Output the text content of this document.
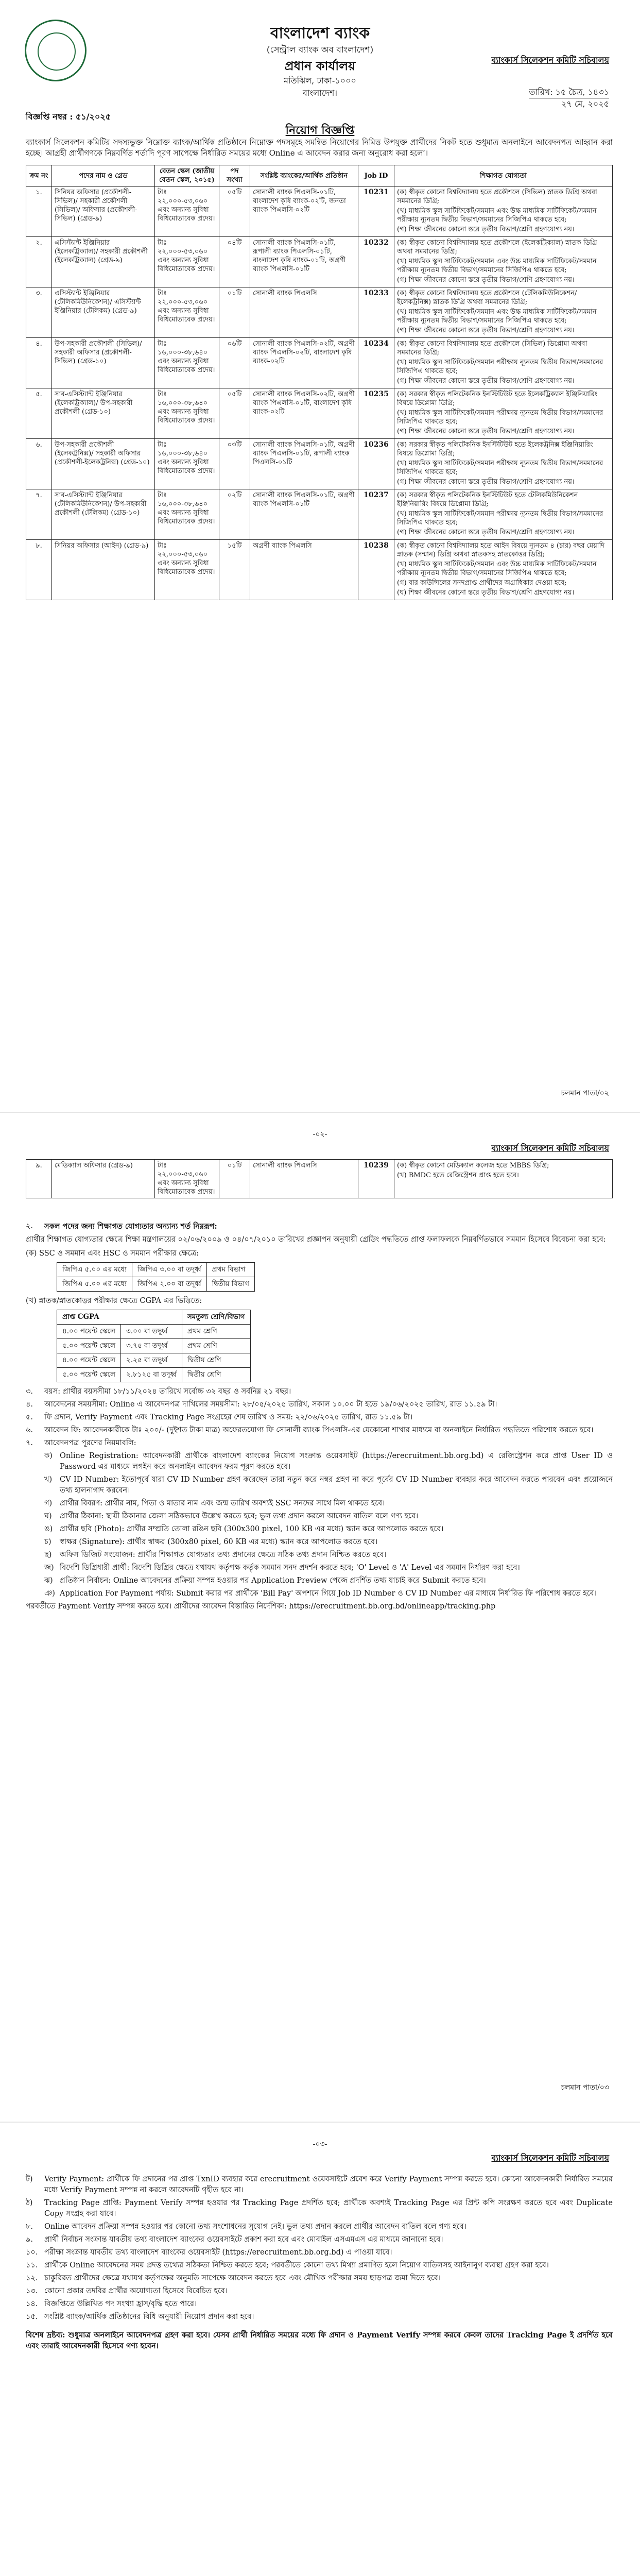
বাংলাদেশ ব্যাংক
(সেন্ট্রাল ব্যাংক অব বাংলাদেশ)
প্রধান কার্যালয়
মতিঝিল, ঢাকা-১০০০
বাংলাদেশ।
ব্যাংকার্স সিলেকশন কমিটি সচিবালয়
তারিখ: ১৫ চৈত্র, ১৪৩১
২৭ মে, ২০২৫
বিজ্ঞপ্তি নম্বর : ৫১/২০২৫
নিয়োগ বিজ্ঞপ্তি
ব্যাংকার্স সিলেকশন কমিটির সদস্যভুক্ত নিম্নোক্ত ব্যাংক/আর্থিক প্রতিষ্ঠানে নিম্নোক্ত পদসমূহে সমন্বিত নিয়োগের নিমিত্ত উপযুক্ত প্রার্থীদের নিকট হতে শুধুমাত্র অনলাইনে আবেদনপত্র আহ্বান করা হচ্ছে। আগ্রহী প্রার্থীগণকে নিম্নবর্ণিত শর্তাদি পূরণ সাপেক্ষে নির্ধারিত সময়ের মধ্যে Online এ আবেদন করার জন্য অনুরোধ করা হলো।
ক্রম নং	পদের নাম ও গ্রেড	বেতন স্কেল (জাতীয় বেতন স্কেল, ২০১৫)	পদ সংখ্যা	সংশ্লিষ্ট ব্যাংকের/আর্থিক প্রতিষ্ঠান	Job ID	শিক্ষাগত যোগ্যতা
১.	সিনিয়র অফিসার (প্রকৌশলী-সিভিল)/ সহকারী প্রকৌশলী (সিভিল)/ অফিসার (প্রকৌশলী-সিভিল) (গ্রেড-৯)	টাঃ ২২,০০০-৫৩,০৬০ এবং অন্যান্য সুবিধা বিধিমোতাবেক প্রদেয়।	০৫টি	সোনালী ব্যাংক পিএলসি-০১টি, বাংলাদেশ কৃষি ব্যাংক-০২টি, জনতা ব্যাংক পিএলসি-০২টি	10231	(ক) স্বীকৃত কোনো বিশ্ববিদ্যালয় হতে প্রকৌশলে (সিভিল) স্নাতক ডিগ্রি অথবা সমমানের ডিগ্রি;
(খ) মাধ্যমিক স্কুল সার্টিফিকেট/সমমান এবং উচ্চ মাধ্যমিক সার্টিফিকেট/সমমান পরীক্ষায় ন্যূনতম দ্বিতীয় বিভাগ/সমমানের সিজিপিএ থাকতে হবে;
(গ) শিক্ষা জীবনের কোনো স্তরে তৃতীয় বিভাগ/শ্রেণি গ্রহণযোগ্য নয়।

২.	এসিস্ট্যান্ট ইঞ্জিনিয়ার (ইলেকট্রিক্যাল)/ সহকারী প্রকৌশলী (ইলেকট্রিক্যাল) (গ্রেড-৯)	টাঃ ২২,০০০-৫৩,০৬০ এবং অন্যান্য সুবিধা বিধিমোতাবেক প্রদেয়।	০৪টি	সোনালী ব্যাংক পিএলসি-০১টি, রূপালী ব্যাংক পিএলসি-০১টি, বাংলাদেশ কৃষি ব্যাংক-০১টি, অগ্রণী ব্যাংক পিএলসি-০১টি	10232	(ক) স্বীকৃত কোনো বিশ্ববিদ্যালয় হতে প্রকৌশলে (ইলেকট্রিক্যাল) স্নাতক ডিগ্রি অথবা সমমানের ডিগ্রি;
(খ) মাধ্যমিক স্কুল সার্টিফিকেট/সমমান এবং উচ্চ মাধ্যমিক সার্টিফিকেট/সমমান পরীক্ষায় ন্যূনতম দ্বিতীয় বিভাগ/সমমানের সিজিপিএ থাকতে হবে;
(গ) শিক্ষা জীবনের কোনো স্তরে তৃতীয় বিভাগ/শ্রেণি গ্রহণযোগ্য নয়।

৩.	এসিস্ট্যান্ট ইঞ্জিনিয়ার (টেলিকমিউনিকেশন)/ এসিস্ট্যান্ট ইঞ্জিনিয়ার (টেলিকম) (গ্রেড-৯)	টাঃ ২২,০০০-৫৩,০৬০ এবং অন্যান্য সুবিধা বিধিমোতাবেক প্রদেয়।	০১টি	সোনালী ব্যাংক পিএলসি	10233	(ক) স্বীকৃত কোনো বিশ্ববিদ্যালয় হতে প্রকৌশলে (টেলিকমিউনিকেশন/ইলেকট্রনিক্স) স্নাতক ডিগ্রি অথবা সমমানের ডিগ্রি;
(খ) মাধ্যমিক স্কুল সার্টিফিকেট/সমমান এবং উচ্চ মাধ্যমিক সার্টিফিকেট/সমমান পরীক্ষায় ন্যূনতম দ্বিতীয় বিভাগ/সমমানের সিজিপিএ থাকতে হবে;
(গ) শিক্ষা জীবনের কোনো স্তরে তৃতীয় বিভাগ/শ্রেণি গ্রহণযোগ্য নয়।

৪.	উপ-সহকারী প্রকৌশলী (সিভিল)/ সহকারী অফিসার (প্রকৌশলী-সিভিল) (গ্রেড-১০)	টাঃ ১৬,০০০-৩৮,৬৪০ এবং অন্যান্য সুবিধা বিধিমোতাবেক প্রদেয়।	০৬টি	সোনালী ব্যাংক পিএলসি-০২টি, অগ্রণী ব্যাংক পিএলসি-০২টি, বাংলাদেশ কৃষি ব্যাংক-০২টি	10234	(ক) স্বীকৃত কোনো বিশ্ববিদ্যালয় হতে প্রকৌশলে (সিভিল) ডিপ্লোমা অথবা সমমানের ডিগ্রি;
(খ) মাধ্যমিক স্কুল সার্টিফিকেট/সমমান পরীক্ষায় ন্যূনতম দ্বিতীয় বিভাগ/সমমানের সিজিপিএ থাকতে হবে;
(গ) শিক্ষা জীবনের কোনো স্তরে তৃতীয় বিভাগ/শ্রেণি গ্রহণযোগ্য নয়।

৫.	সাব-এসিস্ট্যান্ট ইঞ্জিনিয়ার (ইলেকট্রিক্যাল)/ উপ-সহকারী প্রকৌশলী (গ্রেড-১০)	টাঃ ১৬,০০০-৩৮,৬৪০ এবং অন্যান্য সুবিধা বিধিমোতাবেক প্রদেয়।	০৫টি	সোনালী ব্যাংক পিএলসি-০২টি, অগ্রণী ব্যাংক পিএলসি-০১টি, বাংলাদেশ কৃষি ব্যাংক-০২টি	10235	(ক) সরকার স্বীকৃত পলিটেকনিক ইনস্টিটিউট হতে ইলেকট্রিক্যাল ইঞ্জিনিয়ারিং বিষয়ে ডিপ্লোমা ডিগ্রি;
(খ) মাধ্যমিক স্কুল সার্টিফিকেট/সমমান পরীক্ষায় ন্যূনতম দ্বিতীয় বিভাগ/সমমানের সিজিপিএ থাকতে হবে;
(গ) শিক্ষা জীবনের কোনো স্তরে তৃতীয় বিভাগ/শ্রেণি গ্রহণযোগ্য নয়।

৬.	উপ-সহকারী প্রকৌশলী (ইলেকট্রনিক্স)/ সহকারী অফিসার (প্রকৌশলী-ইলেকট্রনিক্স) (গ্রেড-১০)	টাঃ ১৬,০০০-৩৮,৬৪০ এবং অন্যান্য সুবিধা বিধিমোতাবেক প্রদেয়।	০৩টি	সোনালী ব্যাংক পিএলসি-০১টি, অগ্রণী ব্যাংক পিএলসি-০১টি, রূপালী ব্যাংক পিএলসি-০১টি	10236	(ক) সরকার স্বীকৃত পলিটেকনিক ইনস্টিটিউট হতে ইলেকট্রনিক্স ইঞ্জিনিয়ারিং বিষয়ে ডিপ্লোমা ডিগ্রি;
(খ) মাধ্যমিক স্কুল সার্টিফিকেট/সমমান পরীক্ষায় ন্যূনতম দ্বিতীয় বিভাগ/সমমানের সিজিপিএ থাকতে হবে;
(গ) শিক্ষা জীবনের কোনো স্তরে তৃতীয় বিভাগ/শ্রেণি গ্রহণযোগ্য নয়।

৭.	সাব-এসিস্ট্যান্ট ইঞ্জিনিয়ার (টেলিকমিউনিকেশন)/ উপ-সহকারী প্রকৌশলী (টেলিকম) (গ্রেড-১০)	টাঃ ১৬,০০০-৩৮,৬৪০ এবং অন্যান্য সুবিধা বিধিমোতাবেক প্রদেয়।	০২টি	সোনালী ব্যাংক পিএলসি-০১টি, অগ্রণী ব্যাংক পিএলসি-০১টি	10237	(ক) সরকার স্বীকৃত পলিটেকনিক ইনস্টিটিউট হতে টেলিকমিউনিকেশন ইঞ্জিনিয়ারিং বিষয়ে ডিপ্লোমা ডিগ্রি;
(খ) মাধ্যমিক স্কুল সার্টিফিকেট/সমমান পরীক্ষায় ন্যূনতম দ্বিতীয় বিভাগ/সমমানের সিজিপিএ থাকতে হবে;
(গ) শিক্ষা জীবনের কোনো স্তরে তৃতীয় বিভাগ/শ্রেণি গ্রহণযোগ্য নয়।

৮.	সিনিয়র অফিসার (আইন) (গ্রেড-৯)	টাঃ ২২,০০০-৫৩,০৬০ এবং অন্যান্য সুবিধা বিধিমোতাবেক প্রদেয়।	১৫টি	অগ্রণী ব্যাংক পিএলসি	10238	(ক) স্বীকৃত কোনো বিশ্ববিদ্যালয় হতে আইন বিষয়ে ন্যূনতম ৪ (চার) বছর মেয়াদি স্নাতক (সম্মান) ডিগ্রি অথবা স্নাতকসহ স্নাতকোত্তর ডিগ্রি;
(খ) মাধ্যমিক স্কুল সার্টিফিকেট/সমমান এবং উচ্চ মাধ্যমিক সার্টিফিকেট/সমমান পরীক্ষায় ন্যূনতম দ্বিতীয় বিভাগ/সমমানের সিজিপিএ থাকতে হবে;
(গ) বার কাউন্সিলের সনদপ্রাপ্ত প্রার্থীদের অগ্রাধিকার দেওয়া হবে;
(ঘ) শিক্ষা জীবনের কোনো স্তরে তৃতীয় বিভাগ/শ্রেণি গ্রহণযোগ্য নয়।
চলমান পাতা/০২
-০২-
ব্যাংকার্স সিলেকশন কমিটি সচিবালয়
৯.	মেডিক্যাল অফিসার (গ্রেড-৯)	টাঃ ২২,০০০-৫৩,০৬০ এবং অন্যান্য সুবিধা বিধিমোতাবেক প্রদেয়।	০১টি	সোনালী ব্যাংক পিএলসি	10239	(ক) স্বীকৃত কোনো মেডিক্যাল কলেজ হতে MBBS ডিগ্রি;
(খ) BMDC হতে রেজিস্ট্রেশন প্রাপ্ত হতে হবে।
২.	সকল পদের জন্য শিক্ষাগত যোগ্যতার অন্যান্য শর্ত নিম্নরূপ:

প্রার্থীর শিক্ষাগত যোগ্যতার ক্ষেত্রে শিক্ষা মন্ত্রণালয়ের ০২/০৬/২০০৯ ও ০৪/০৭/২০১০ তারিখের প্রজ্ঞাপন অনুযায়ী গ্রেডিং পদ্ধতিতে প্রাপ্ত ফলাফলকে নিম্নবর্ণিতভাবে সমমান হিসেবে বিবেচনা করা হবে:

(ক) SSC ও সমমান এবং HSC ও সমমান পরীক্ষার ক্ষেত্রে:

জিপিএ ৫.০০ এর মধ্যে	জিপিএ ৩.০০ বা তদূর্ধ্ব	প্রথম বিভাগ
জিপিএ ৫.০০ এর মধ্যে	জিপিএ ২.০০ বা তদূর্ধ্ব	দ্বিতীয় বিভাগ

(খ) স্নাতক/স্নাতকোত্তর পরীক্ষার ক্ষেত্রে CGPA এর ভিত্তিতে:

প্রাপ্ত CGPA		সমতুল্য শ্রেণি/বিভাগ
৪.০০ পয়েন্ট স্কেলে	৩.০০ বা তদূর্ধ্ব	প্রথম শ্রেণি
৫.০০ পয়েন্ট স্কেলে	৩.৭৫ বা তদূর্ধ্ব	প্রথম শ্রেণি
৪.০০ পয়েন্ট স্কেলে	২.২৫ বা তদূর্ধ্ব	দ্বিতীয় শ্রেণি
৫.০০ পয়েন্ট স্কেলে	২.৮১২৫ বা তদূর্ধ্ব	দ্বিতীয় শ্রেণি
৩.	বয়স: প্রার্থীর বয়সসীমা ১৮/১১/২০২৪ তারিখে সর্বোচ্চ ৩২ বছর ও সর্বনিম্ন ২১ বছর।
৪.	আবেদনের সময়সীমা: Online এ আবেদনপত্র দাখিলের সময়সীমা: ২৮/০৫/২০২৫ তারিখ, সকাল ১০.০০ টা হতে ১৯/০৬/২০২৫ তারিখ, রাত ১১.৫৯ টা।
৫.	ফি প্রদান, Verify Payment এবং Tracking Page সংগ্রহের শেষ তারিখ ও সময়: ২২/০৬/২০২৫ তারিখ, রাত ১১.৫৯ টা।
৬.	আবেদন ফি: আবেদনকারীকে টাঃ ২০০/- (দুইশত টাকা মাত্র) অফেরতযোগ্য ফি সোনালী ব্যাংক পিএলসি-এর যেকোনো শাখার মাধ্যমে বা অনলাইনে নির্ধারিত পদ্ধতিতে পরিশোধ করতে হবে।
৭.	আবেদনপত্র পূরণের নিয়মাবলি:
ক) Online Registration: আবেদনকারী প্রার্থীকে বাংলাদেশ ব্যাংকের নিয়োগ সংক্রান্ত ওয়েবসাইট (https://erecruitment.bb.org.bd) এ রেজিস্ট্রেশন করে প্রাপ্ত User ID ও Password এর মাধ্যমে লগইন করে অনলাইন আবেদন ফরম পূরণ করতে হবে।
খ)	CV ID Number: ইতোপূর্বে যারা CV ID Number গ্রহণ করেছেন তারা নতুন করে নম্বর গ্রহণ না করে পূর্বের CV ID Number ব্যবহার করে আবেদন করতে পারবেন এবং প্রয়োজনে তথ্য হালনাগাদ করবেন।
গ)	প্রার্থীর বিবরণ: প্রার্থীর নাম, পিতা ও মাতার নাম এবং জন্ম তারিখ অবশ্যই SSC সনদের সাথে মিল থাকতে হবে।
ঘ)	প্রার্থীর ঠিকানা: স্থায়ী ঠিকানার জেলা সঠিকভাবে উল্লেখ করতে হবে; ভুল তথ্য প্রদান করলে আবেদন বাতিল বলে গণ্য হবে।
ঙ) প্রার্থীর ছবি (Photo): প্রার্থীর সম্প্রতি তোলা রঙিন ছবি (300x300 pixel, 100 KB এর মধ্যে) স্ক্যান করে আপলোড করতে হবে।
চ)	স্বাক্ষর (Signature): প্রার্থীর স্বাক্ষর (300x80 pixel, 60 KB এর মধ্যে) স্ক্যান করে আপলোড করতে হবে।
ছ)	অফিস ডিজিট সংযোজন: প্রার্থীর শিক্ষাগত যোগ্যতার তথ্য প্রদানের ক্ষেত্রে সঠিক তথ্য প্রদান নিশ্চিত করতে হবে।
জ) বিদেশি ডিগ্রিধারী প্রার্থী: বিদেশি ডিগ্রির ক্ষেত্রে যথাযথ কর্তৃপক্ষ কর্তৃক সমমান সনদ প্রদর্শন করতে হবে; 'O' Level ও 'A' Level এর সমমান নির্ধারণ করা হবে।
ঝ) প্রতিষ্ঠান নির্বাচন: Online আবেদনের প্রক্রিয়া সম্পন্ন হওয়ার পর Application Preview পেজে প্রদর্শিত তথ্য যাচাই করে Submit করতে হবে।
ঞ) Application For Payment পর্যায়: Submit করার পর প্রার্থীকে 'Bill Pay' অপশনে গিয়ে Job ID Number ও CV ID Number এর মাধ্যমে নির্ধারিত ফি পরিশোধ করতে হবে।

পরবর্তীতে Payment Verify সম্পন্ন করতে হবে। প্রার্থীদের আবেদন বিস্তারিত নির্দেশিকা: https://erecruitment.bb.org.bd/onlineapp/tracking.php

চলমান পাতা/০৩
-০৩-
ব্যাংকার্স সিলেকশন কমিটি সচিবালয়
ট)	Verify Payment: প্রার্থীকে ফি প্রদানের পর প্রাপ্ত TxnID ব্যবহার করে erecruitment ওয়েবসাইটে প্রবেশ করে Verify Payment সম্পন্ন করতে হবে। কোনো আবেদনকারী নির্ধারিত সময়ের মধ্যে Verify Payment সম্পন্ন না করলে আবেদনটি গৃহীত হবে না।
ঠ)	Tracking Page প্রাপ্তি: Payment Verify সম্পন্ন হওয়ার পর Tracking Page প্রদর্শিত হবে; প্রার্থীকে অবশ্যই Tracking Page এর প্রিন্ট কপি সংরক্ষণ করতে হবে এবং Duplicate Copy সংগ্রহ করা যাবে।
৮.	Online আবেদন প্রক্রিয়া সম্পন্ন হওয়ার পর কোনো তথ্য সংশোধনের সুযোগ নেই। ভুল তথ্য প্রদান করলে প্রার্থীর আবেদন বাতিল বলে গণ্য হবে।
৯.	প্রার্থী নির্বাচন সংক্রান্ত যাবতীয় তথ্য বাংলাদেশ ব্যাংকের ওয়েবসাইটে প্রকাশ করা হবে এবং মোবাইল এসএমএস এর মাধ্যমে জানানো হবে।
১০. পরীক্ষা সংক্রান্ত যাবতীয় তথ্য বাংলাদেশ ব্যাংকের ওয়েবসাইট (https://erecruitment.bb.org.bd) এ পাওয়া যাবে।
১১. প্রার্থীকে Online আবেদনের সময় প্রদত্ত তথ্যের সঠিকতা নিশ্চিত করতে হবে; পরবর্তীতে কোনো তথ্য মিথ্যা প্রমাণিত হলে নিয়োগ বাতিলসহ আইনানুগ ব্যবস্থা গ্রহণ করা হবে।
১২. চাকুরিরত প্রার্থীদের ক্ষেত্রে যথাযথ কর্তৃপক্ষের অনুমতি সাপেক্ষে আবেদন করতে হবে এবং মৌখিক পরীক্ষার সময় ছাড়পত্র জমা দিতে হবে।
১৩. কোনো প্রকার তদবির প্রার্থীর অযোগ্যতা হিসেবে বিবেচিত হবে।
১৪. বিজ্ঞপ্তিতে উল্লিখিত পদ সংখ্যা হ্রাস/বৃদ্ধি হতে পারে।
১৫. সংশ্লিষ্ট ব্যাংক/আর্থিক প্রতিষ্ঠানের বিধি অনুযায়ী নিয়োগ প্রদান করা হবে।

বিশেষ দ্রষ্টব্য: শুধুমাত্র অনলাইনে আবেদনপত্র গ্রহণ করা হবে। যেসব প্রার্থী নির্ধারিত সময়ের মধ্যে ফি প্রদান ও Payment Verify সম্পন্ন করবে কেবল তাদের Tracking Page ই প্রদর্শিত হবে এবং তারাই আবেদনকারী হিসেবে গণ্য হবেন।
